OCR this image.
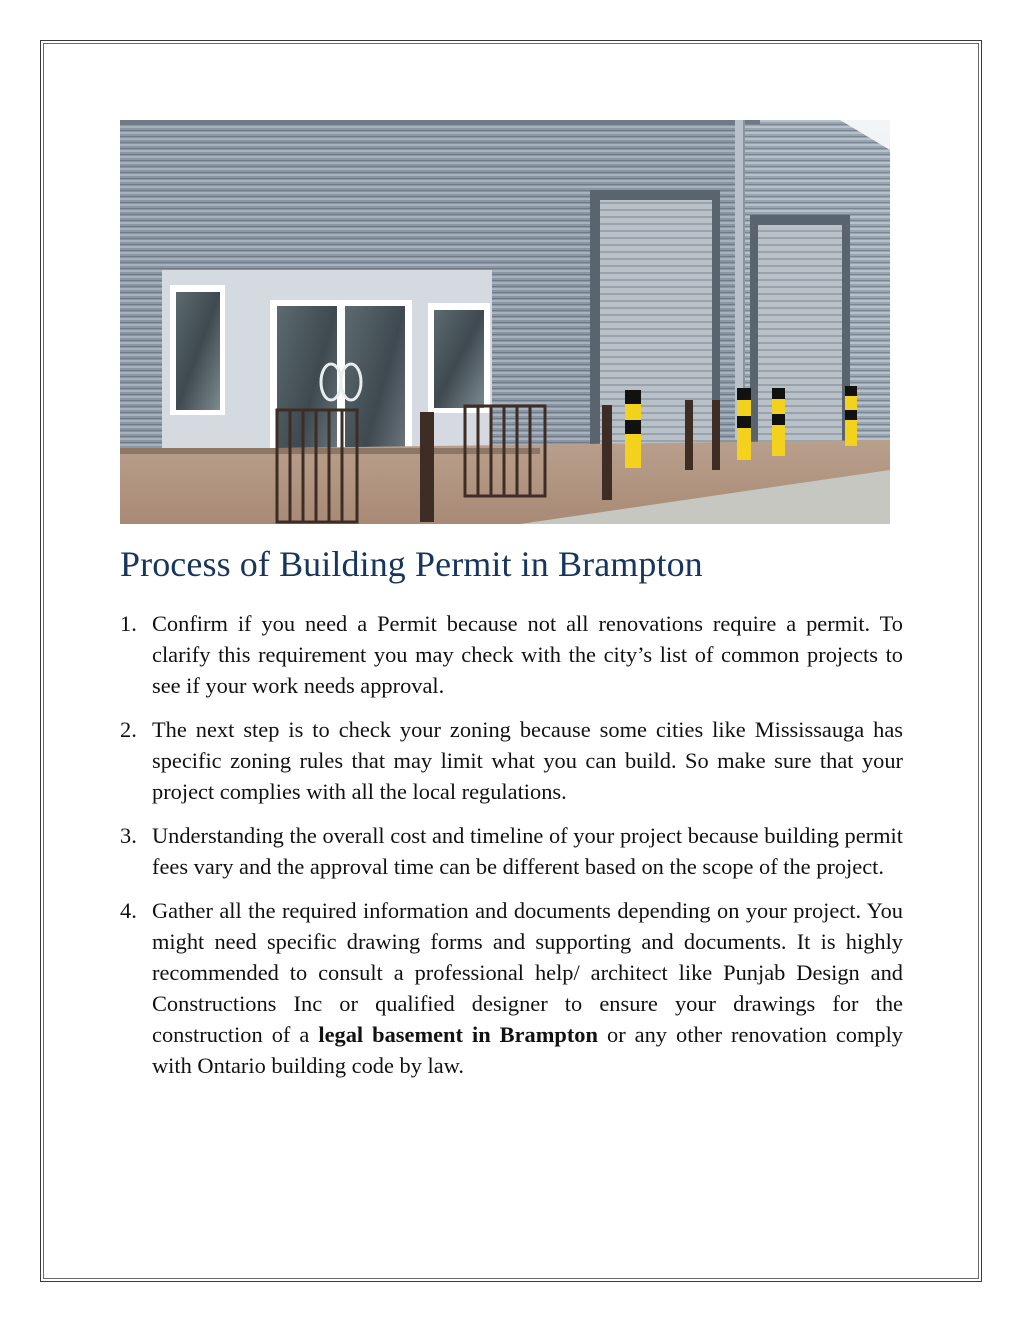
Process of Building Permit in Brampton
1. Confirm if you need a Permit because not all renovations require a permit. To clarify this requirement you may check with the city’s list of common projects to see if your work needs approval.
2. The next step is to check your zoning because some cities like Mississauga has specific zoning rules that may limit what you can build. So make sure that your project complies with all the local regulations.
3. Understanding the overall cost and timeline of your project because building permit fees vary and the approval time can be different based on the scope of the project.
4. Gather all the required information and documents depending on your project. You might need specific drawing forms and supporting and documents. It is highly recommended to consult a professional help/ architect like Punjab Design and Constructions Inc or qualified designer to ensure your drawings for the construction of a legal basement in Brampton or any other renovation comply with Ontario building code by law.
